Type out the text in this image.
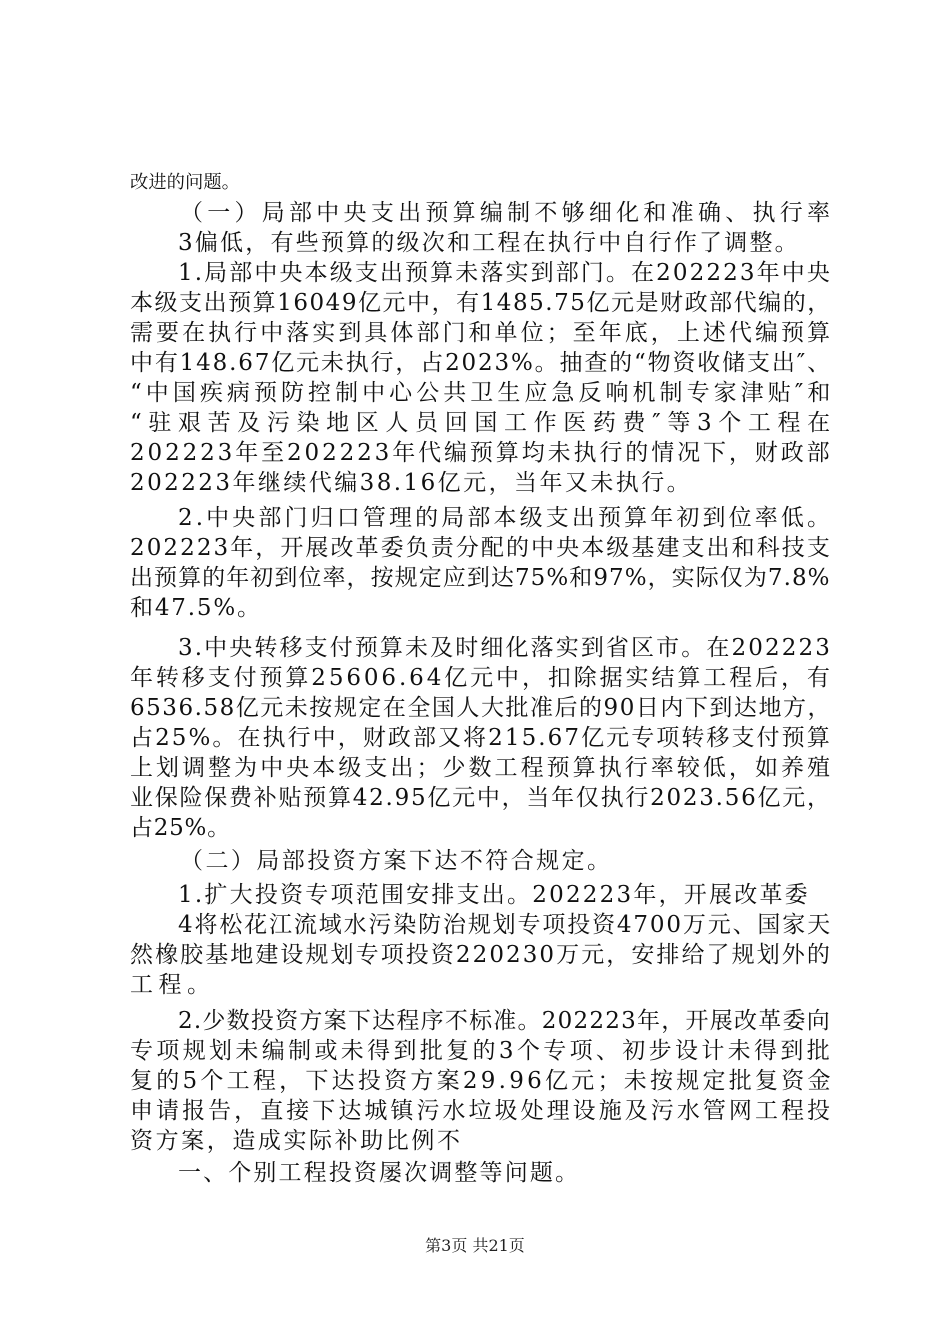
改进的问题。
（一）局部中央支出预算编制不够细化和准确、执行率
3偏低，有些预算的级次和工程在执行中自行作了调整。
1.局部中央本级支出预算未落实到部门。在202223年中央
本级支出预算16049亿元中，有1485.75亿元是财政部代编的，
需要在执行中落实到具体部门和单位；至年底，上述代编预算
中有148.67亿元未执行，占2023%。抽查的“物资收储支出″、
“中国疾病预防控制中心公共卫生应急反响机制专家津贴″和
“驻艰苦及污染地区人员回国工作医药费″等3个工程在
202223年至202223年代编预算均未执行的情况下，财政部
202223年继续代编38.16亿元，当年又未执行。
2.中央部门归口管理的局部本级支出预算年初到位率低。
202223年，开展改革委负责分配的中央本级基建支出和科技支
出预算的年初到位率，按规定应到达75%和97%，实际仅为7.8%
和47.5%。
3.中央转移支付预算未及时细化落实到省区市。在202223
年转移支付预算25606.64亿元中，扣除据实结算工程后，有
6536.58亿元未按规定在全国人大批准后的90日内下到达地方，
占25%。在执行中，财政部又将215.67亿元专项转移支付预算
上划调整为中央本级支出；少数工程预算执行率较低，如养殖
业保险保费补贴预算42.95亿元中，当年仅执行2023.56亿元，
占25%。
（二）局部投资方案下达不符合规定。
1.扩大投资专项范围安排支出。202223年，开展改革委
4将松花江流域水污染防治规划专项投资4700万元、国家天
然橡胶基地建设规划专项投资220230万元，安排给了规划外的
工程。
2.少数投资方案下达程序不标准。202223年，开展改革委向
专项规划未编制或未得到批复的3个专项、初步设计未得到批
复的5个工程，下达投资方案29.96亿元；未按规定批复资金
申请报告，直接下达城镇污水垃圾处理设施及污水管网工程投
资方案，造成实际补助比例不
一、个别工程投资屡次调整等问题。
第3页 共21页
